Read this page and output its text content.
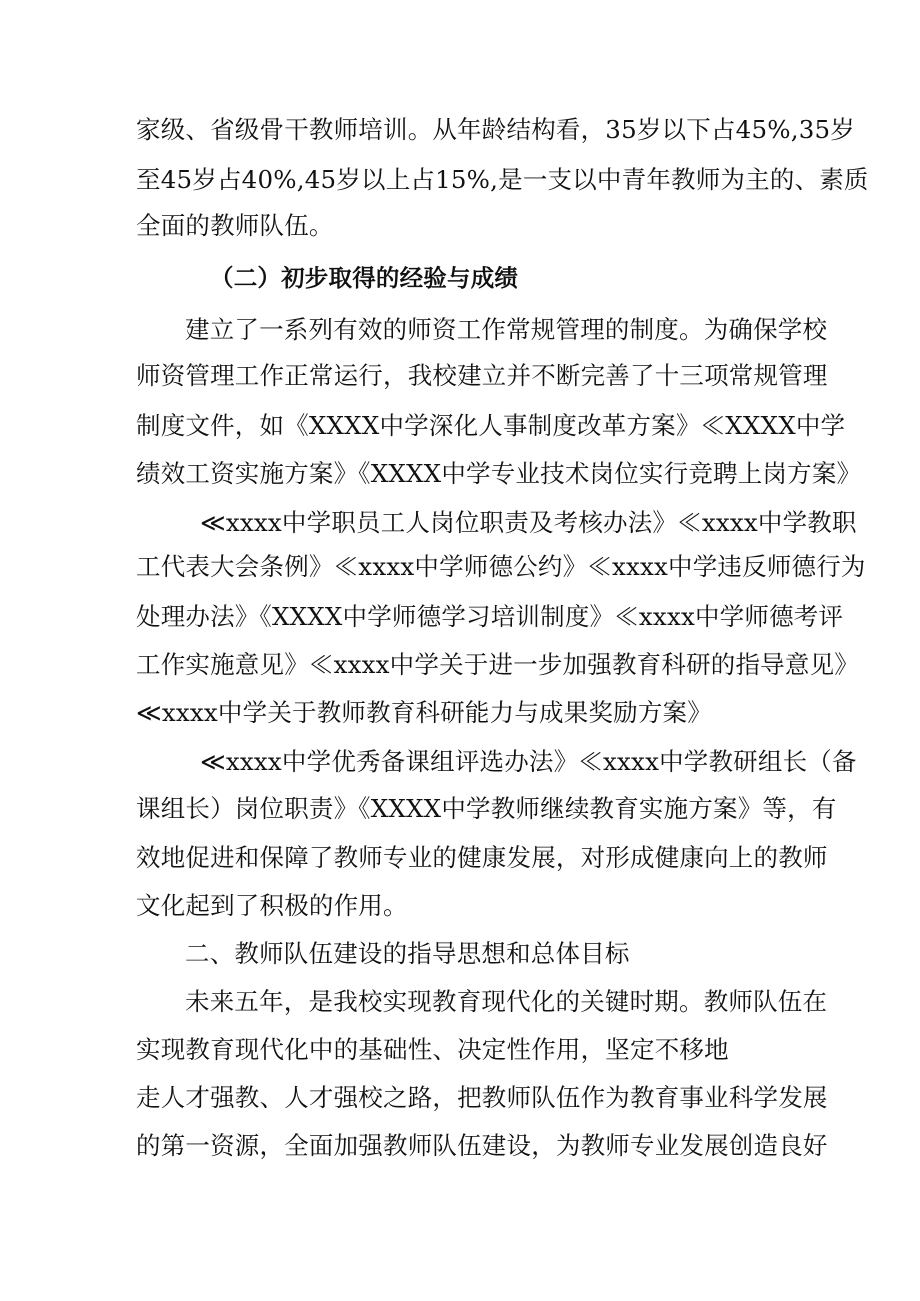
家级、省级骨干教师培训。从年龄结构看，35岁以下占45%,35岁
至45岁占40%,45岁以上占15%,是一支以中青年教师为主的、素质
全面的教师队伍。
（二）初步取得的经验与成绩
建立了一系列有效的师资工作常规管理的制度。为确保学校
师资管理工作正常运行，我校建立并不断完善了十三项常规管理
制度文件，如《XXXX中学深化人事制度改革方案》≪XXXX中学
绩效工资实施方案》《XXXX中学专业技术岗位实行竞聘上岗方案》
≪xxxx中学职员工人岗位职责及考核办法》≪xxxx中学教职
工代表大会条例》≪xxxx中学师德公约》≪xxxx中学违反师德行为
处理办法》《XXXX中学师德学习培训制度》≪xxxx中学师德考评
工作实施意见》≪xxxx中学关于进一步加强教育科研的指导意见》
≪xxxx中学关于教师教育科研能力与成果奖励方案》
≪xxxx中学优秀备课组评选办法》≪xxxx中学教研组长（备
课组长）岗位职责》《XXXX中学教师继续教育实施方案》等，有
效地促进和保障了教师专业的健康发展，对形成健康向上的教师
文化起到了积极的作用。
二、教师队伍建设的指导思想和总体目标
未来五年，是我校实现教育现代化的关键时期。教师队伍在
实现教育现代化中的基础性、决定性作用，坚定不移地
走人才强教、人才强校之路，把教师队伍作为教育事业科学发展
的第一资源，全面加强教师队伍建设，为教师专业发展创造良好
